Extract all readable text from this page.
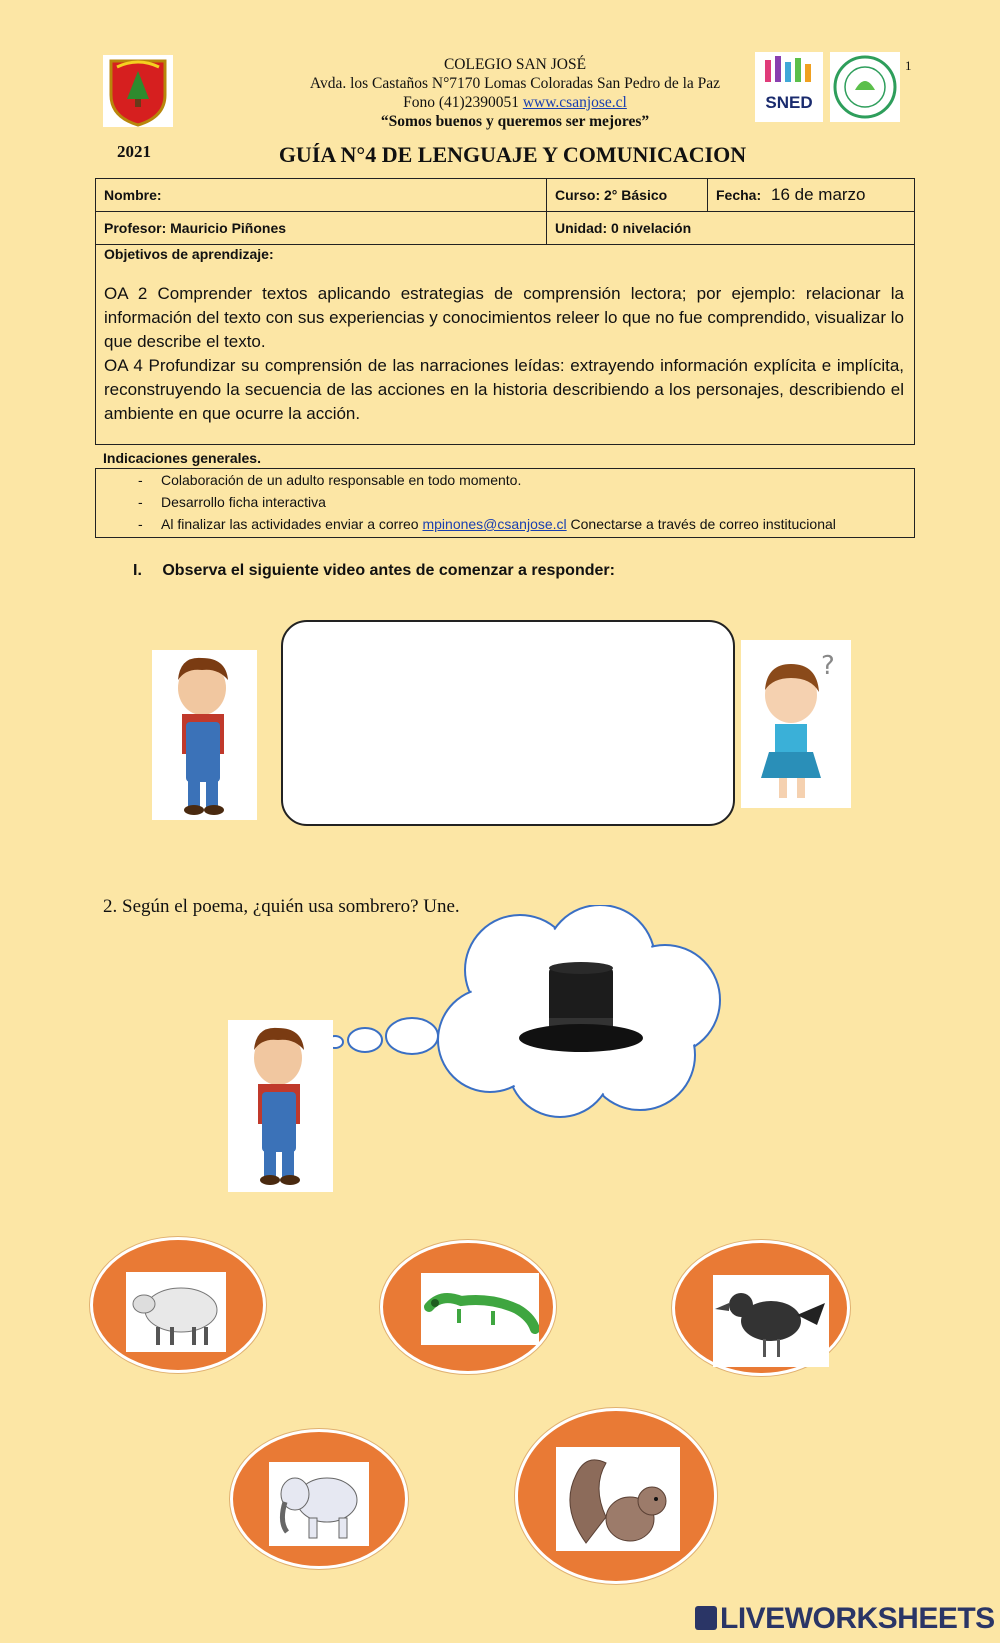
COLEGIO SAN JOSÉ
Avda. los Castaños N°7170 Lomas Coloradas San Pedro de la Paz
Fono (41)2390051 www.csanjose.cl
“Somos buenos y queremos ser mejores”
SNED
1
2021	GUÍA N°4 DE LENGUAJE Y COMUNICACION
Nombre:	Curso: 2° Básico	Fecha: 16 de marzo
Profesor: Mauricio Piñones	Unidad: 0 nivelación	
Objetivos de aprendizaje:
OA 2 Comprender textos aplicando estrategias de comprensión lectora; por ejemplo: relacionar la información del texto con sus experiencias y conocimientos releer lo que no fue comprendido, visualizar lo que describe el texto.
OA 4 Profundizar su comprensión de las narraciones leídas: extrayendo información explícita e implícita, reconstruyendo la secuencia de las acciones en la historia describiendo a los personajes, describiendo el ambiente en que ocurre la acción.
Indicaciones generales.
- Colaboración de un adulto responsable en todo momento.
- Desarrollo ficha interactiva
- Al finalizar las actividades enviar a correo mpinones@csanjose.cl Conectarse a través de correo institucional
I. Observa el siguiente video antes de comenzar a responder:
?
2. Según el poema, ¿quién usa sombrero? Une.
LIVEWORKSHEETS
